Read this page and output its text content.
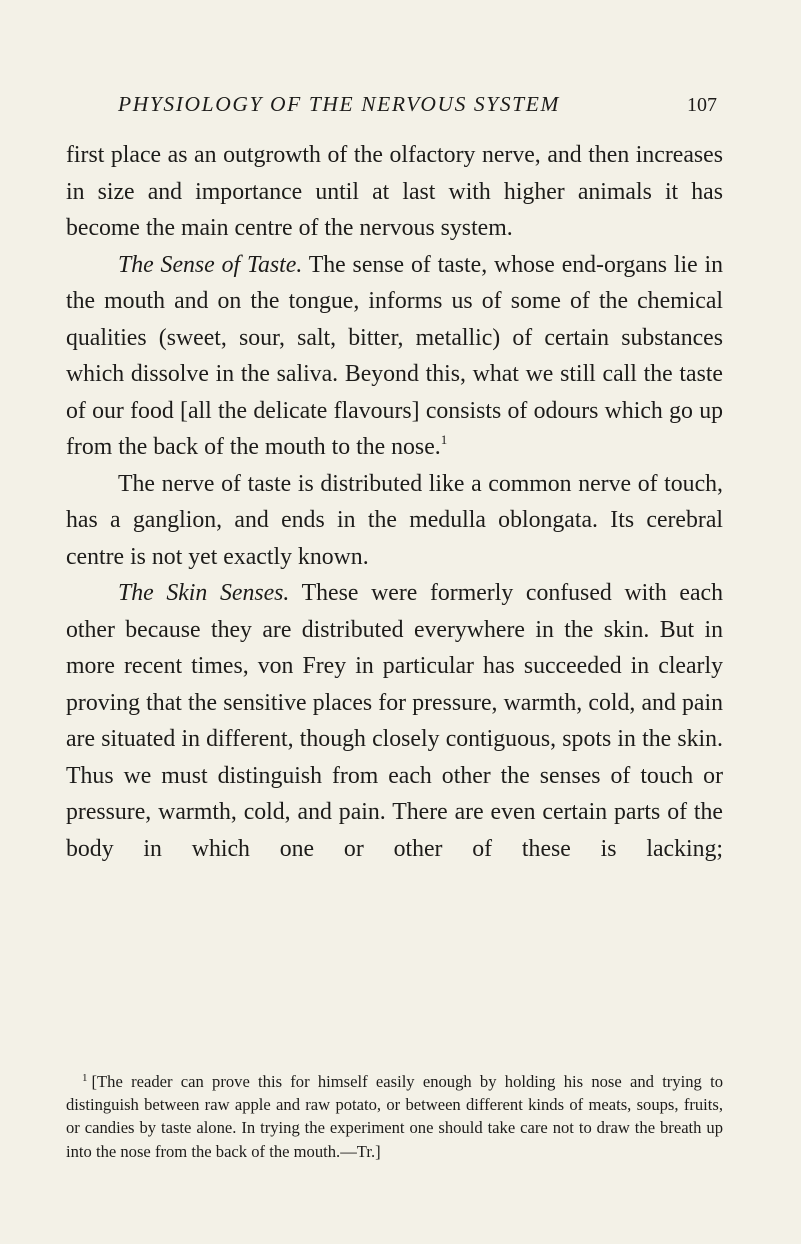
PHYSIOLOGY OF THE NERVOUS SYSTEM	107

first place as an outgrowth of the olfactory nerve, and then increases in size and importance until at last with higher animals it has become the main centre of the nervous system.

The Sense of Taste. The sense of taste, whose end-organs lie in the mouth and on the tongue, informs us of some of the chemical qualities (sweet, sour, salt, bitter, metallic) of certain substances which dissolve in the saliva. Beyond this, what we still call the taste of our food [all the delicate flavours] consists of odours which go up from the back of the mouth to the nose.$^1$

The nerve of taste is distributed like a common nerve of touch, has a ganglion, and ends in the medulla oblongata. Its cerebral centre is not yet exactly known.

The Skin Senses. These were formerly confused with each other because they are distributed everywhere in the skin. But in more recent times, von Frey in particular has succeeded in clearly proving that the sensitive places for pressure, warmth, cold, and pain are situated in different, though closely contiguous, spots in the skin. Thus we must distinguish from each other the senses of touch or pressure, warmth, cold, and pain. There are even certain parts of the body in which one or other of these is lacking;

$^1$ [The reader can prove this for himself easily enough by holding his nose and trying to distinguish between raw apple and raw potato, or between different kinds of meats, soups, fruits, or candies by taste alone. In trying the experiment one should take care not to draw the breath up into the nose from the back of the mouth.—Tr.]
